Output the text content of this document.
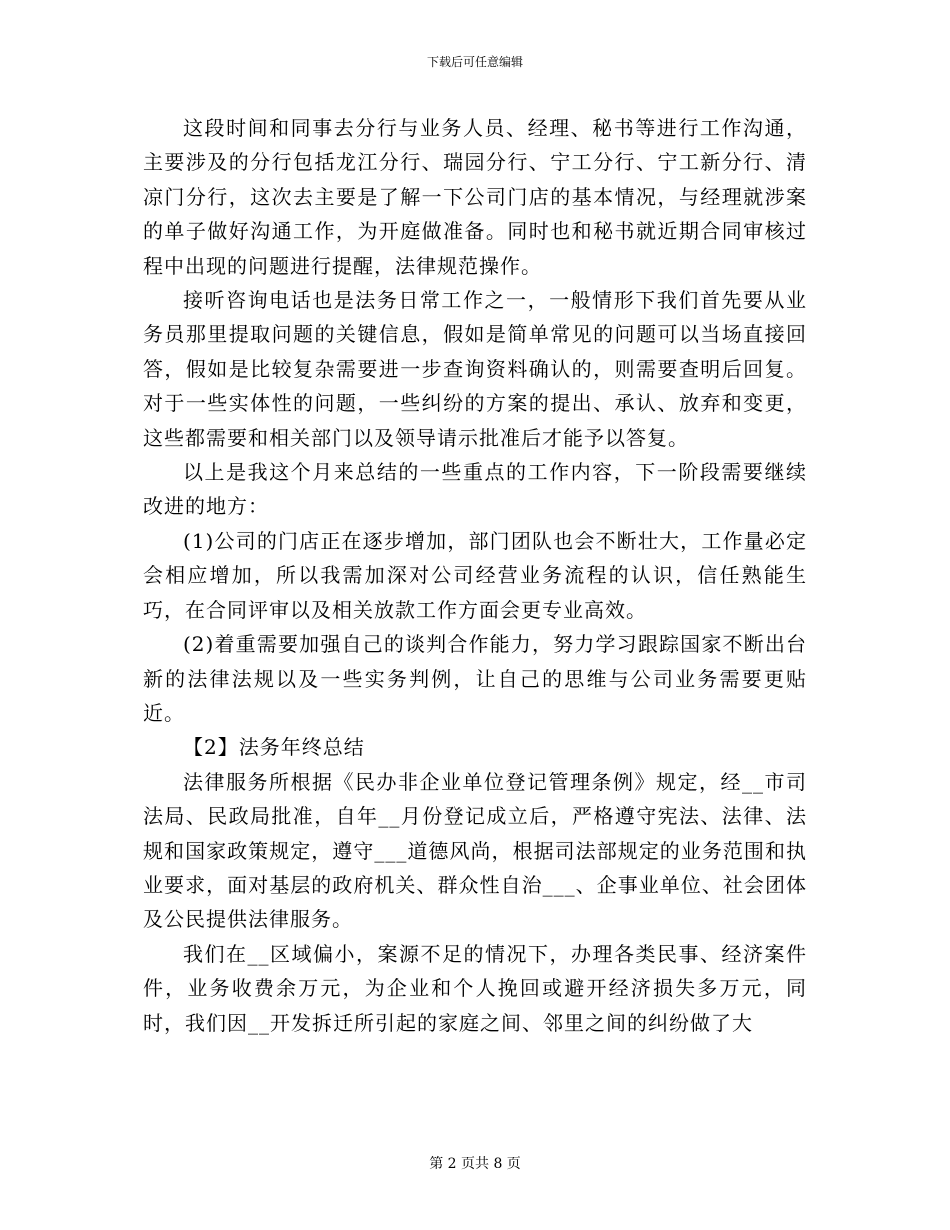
下载后可任意编辑

这段时间和同事去分行与业务人员、经理、秘书等进行工作沟通，主要涉及的分行包括龙江分行、瑞园分行、宁工分行、宁工新分行、清凉门分行，这次去主要是了解一下公司门店的基本情况，与经理就涉案的单子做好沟通工作，为开庭做准备。同时也和秘书就近期合同审核过程中出现的问题进行提醒，法律规范操作。

接听咨询电话也是法务日常工作之一，一般情形下我们首先要从业务员那里提取问题的关键信息，假如是简单常见的问题可以当场直接回答，假如是比较复杂需要进一步查询资料确认的，则需要查明后回复。对于一些实体性的问题，一些纠纷的方案的提出、承认、放弃和变更，这些都需要和相关部门以及领导请示批准后才能予以答复。

以上是我这个月来总结的一些重点的工作内容，下一阶段需要继续改进的地方：

(1)公司的门店正在逐步增加，部门团队也会不断壮大，工作量必定会相应增加，所以我需加深对公司经营业务流程的认识，信任熟能生巧，在合同评审以及相关放款工作方面会更专业高效。

(2)着重需要加强自己的谈判合作能力，努力学习跟踪国家不断出台新的法律法规以及一些实务判例，让自己的思维与公司业务需要更贴近。

【2】法务年终总结

法律服务所根据《民办非企业单位登记管理条例》规定，经__市司法局、民政局批准，自年__月份登记成立后，严格遵守宪法、法律、法规和国家政策规定，遵守___道德风尚，根据司法部规定的业务范围和执业要求，面对基层的政府机关、群众性自治___、企事业单位、社会团体及公民提供法律服务。

我们在__区域偏小，案源不足的情况下，办理各类民事、经济案件件，业务收费余万元，为企业和个人挽回或避开经济损失多万元，同时，我们因__开发拆迁所引起的家庭之间、邻里之间的纠纷做了大

第 2 页共 8 页
